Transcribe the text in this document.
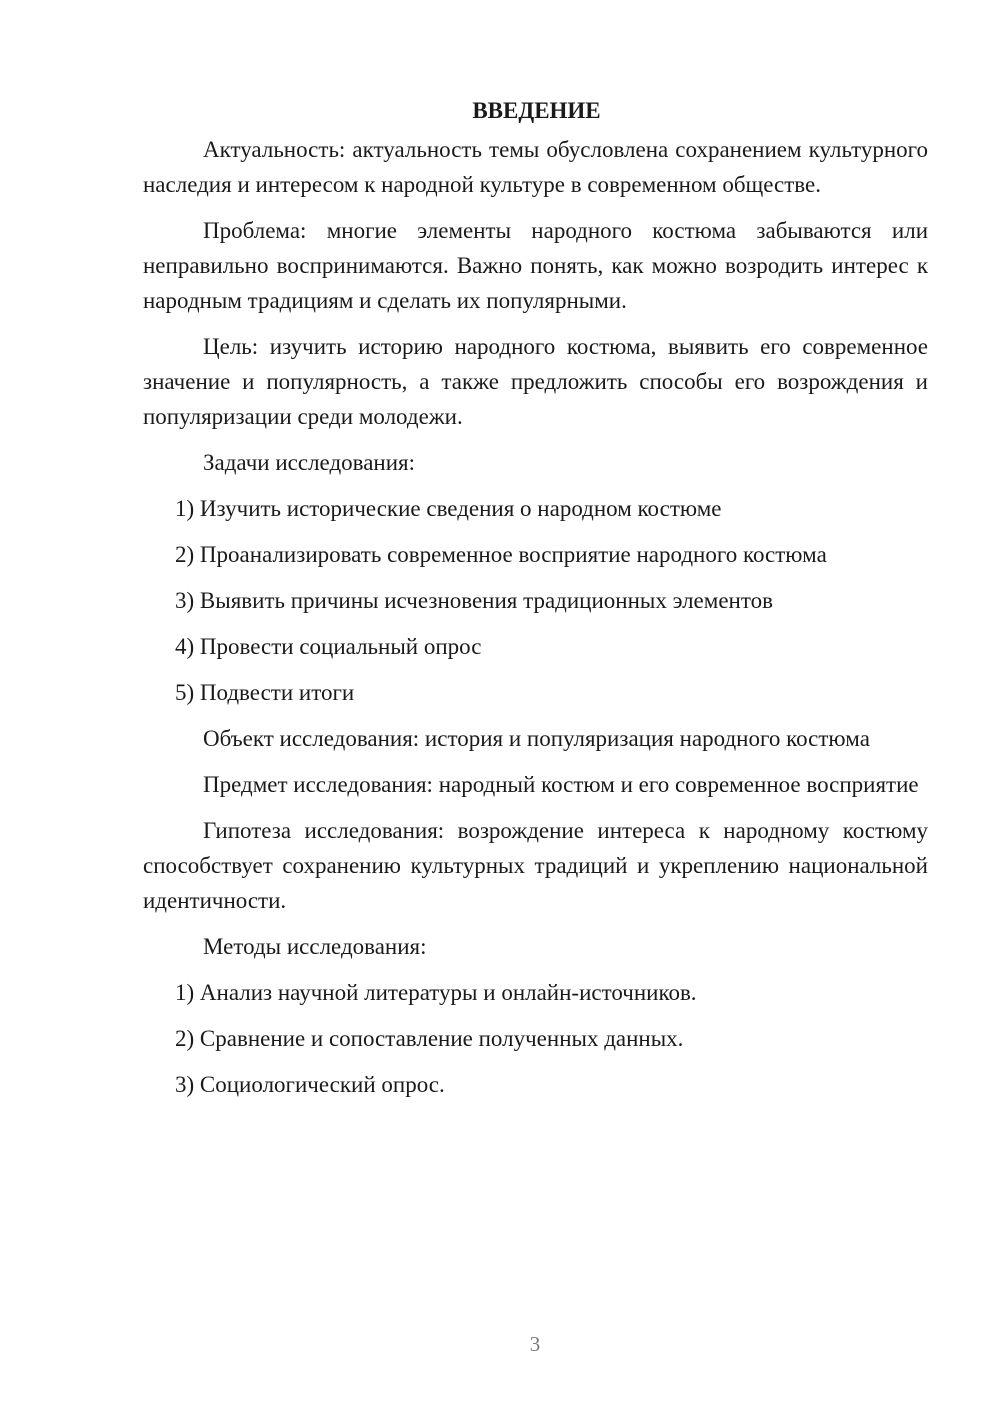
ВВЕДЕНИЕ

Актуальность: актуальность темы обусловлена сохранением культурного наследия и интересом к народной культуре в современном обществе.

Проблема: многие элементы народного костюма забываются или неправильно воспринимаются. Важно понять, как можно возродить интерес к народным традициям и сделать их популярными.

Цель: изучить историю народного костюма, выявить его современное значение и популярность, а также предложить способы его возрождения и популяризации среди молодежи.

Задачи исследования:

1) Изучить исторические сведения о народном костюме
2) Проанализировать современное восприятие народного костюма
3) Выявить причины исчезновения традиционных элементов
4) Провести социальный опрос
5) Подвести итоги

Объект исследования: история и популяризация народного костюма

Предмет исследования: народный костюм и его современное восприятие

Гипотеза исследования: возрождение интереса к народному костюму способствует сохранению культурных традиций и укреплению национальной идентичности.

Методы исследования:

1) Анализ научной литературы и онлайн-источников.
2) Сравнение и сопоставление полученных данных.
3) Социологический опрос.
3
